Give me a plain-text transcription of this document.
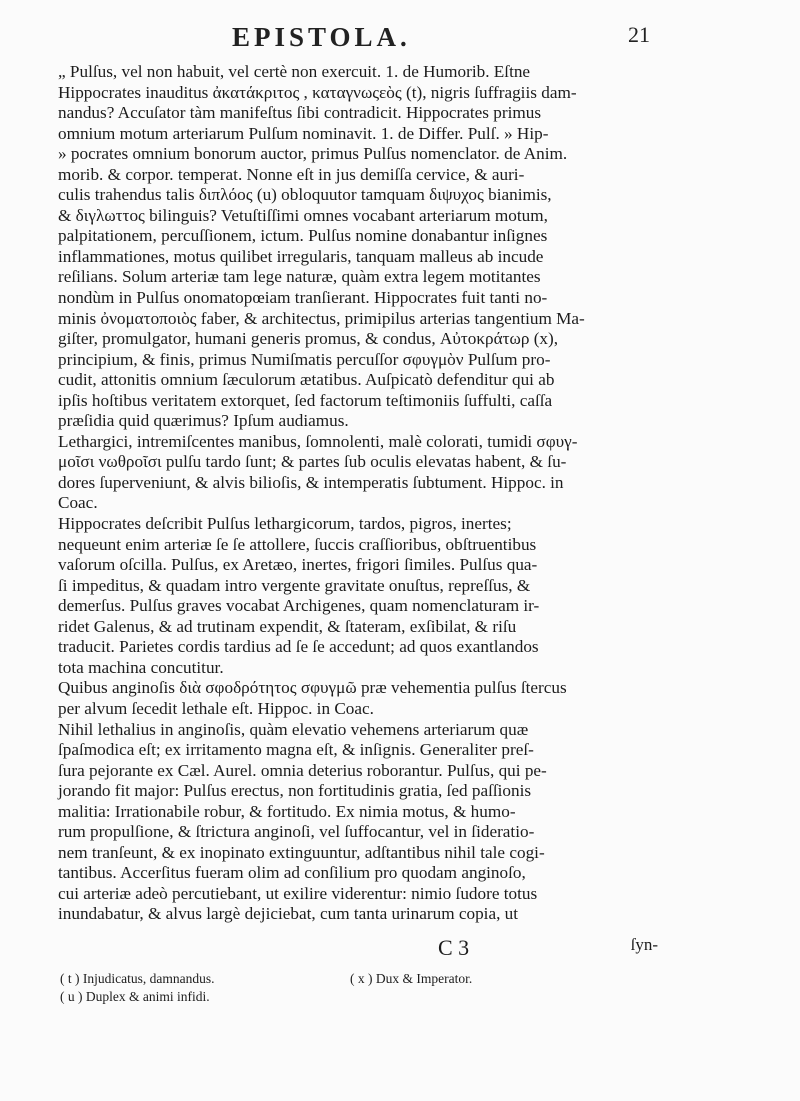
EPISTOLA.	21
„ Pulſus, vel non habuit, vel certè non exercuit. 1. de Humorib. Eſtne
Hippocrates inauditus ἀκατάκριτος , καταγνωςεὸς (t), nigris ſuffragiis dam-
nandus? Accuſator tàm manifeſtus ſibi contradicit. Hippocrates primus
omnium motum arteriarum Pulſum nominavit. 1. de Differ. Pulſ. » Hip-
» pocrates omnium bonorum auctor, primus Pulſus nomenclator. de Anim.
morib. & corpor. temperat. Nonne eſt in jus demiſſa cervice, & auri-
culis trahendus talis διπλόος (u) obloquutor tamquam διψυχος bianimis,
& διγλωττος bilinguis? Vetuſtiſſimi omnes vocabant arteriarum motum,
palpitationem, percuſſionem, ictum. Pulſus nomine donabantur inſignes
inflammationes, motus quilibet irregularis, tanquam malleus ab incude
reſilians. Solum arteriæ tam lege naturæ, quàm extra legem motitantes
nondùm in Pulſus onomatopœiam tranſierant. Hippocrates fuit tanti no-
minis ὀνοματοποιὸς faber, & architectus, primipilus arterias tangentium Ma-
giſter, promulgator, humani generis promus, & condus, Αὐτοκράτωρ (x),
principium, & finis, primus Numiſmatis percuſſor σφυγμὸν Pulſum pro-
cudit, attonitis omnium ſæculorum ætatibus. Auſpicatò defenditur qui ab
ipſis hoſtibus veritatem extorquet, ſed factorum teſtimoniis ſuffulti, caſſa
præſidia quid quærimus? Ipſum audiamus.
Lethargici, intremiſcentes manibus, ſomnolenti, malè colorati, tumidi σφυγ-
μοῖσι νωθροῖσι pulſu tardo ſunt; & partes ſub oculis elevatas habent, & ſu-
dores ſuperveniunt, & alvis bilioſis, & intemperatis ſubtument. Hippoc. in
Coac.
Hippocrates deſcribit Pulſus lethargicorum, tardos, pigros, inertes;
nequeunt enim arteriæ ſe ſe attollere, ſuccis craſſioribus, obſtruentibus
vaſorum oſcilla. Pulſus, ex Aretæo, inertes, frigori ſimiles. Pulſus qua-
ſi impeditus, & quadam intro vergente gravitate onuſtus, repreſſus, &
demerſus. Pulſus graves vocabat Archigenes, quam nomenclaturam ir-
ridet Galenus, & ad trutinam expendit, & ſtateram, exſibilat, & riſu
traducit. Parietes cordis tardius ad ſe ſe accedunt; ad quos exantlandos
tota machina concutitur.
Quibus anginoſis διὰ σφοδρότητος σφυγμῶ præ vehementia pulſus ſtercus
per alvum ſecedit lethale eſt. Hippoc. in Coac.
Nihil lethalius in anginoſis, quàm elevatio vehemens arteriarum quæ
ſpaſmodica eſt; ex irritamento magna eſt, & inſignis. Generaliter preſ-
ſura pejorante ex Cæl. Aurel. omnia deterius roborantur. Pulſus, qui pe-
jorando fit major: Pulſus erectus, non fortitudinis gratia, ſed paſſionis
malitia: Irrationabile robur, & fortitudo. Ex nimia motus, & humo-
rum propulſione, & ſtrictura anginoſi, vel ſuffocantur, vel in ſideratio-
nem tranſeunt, & ex inopinato extinguuntur, adſtantibus nihil tale cogi-
tantibus. Accerſitus fueram olim ad conſilium pro quodam anginoſo,
cui arteriæ adeò percutiebant, ut exilire viderentur: nimio ſudore totus
inundabatur, & alvus largè dejiciebat, cum tanta urinarum copia, ut
C 3	ſyn-
( t ) Injudicatus, damnandus.	( x ) Dux & Imperator.
( u ) Duplex & animi infidi.
